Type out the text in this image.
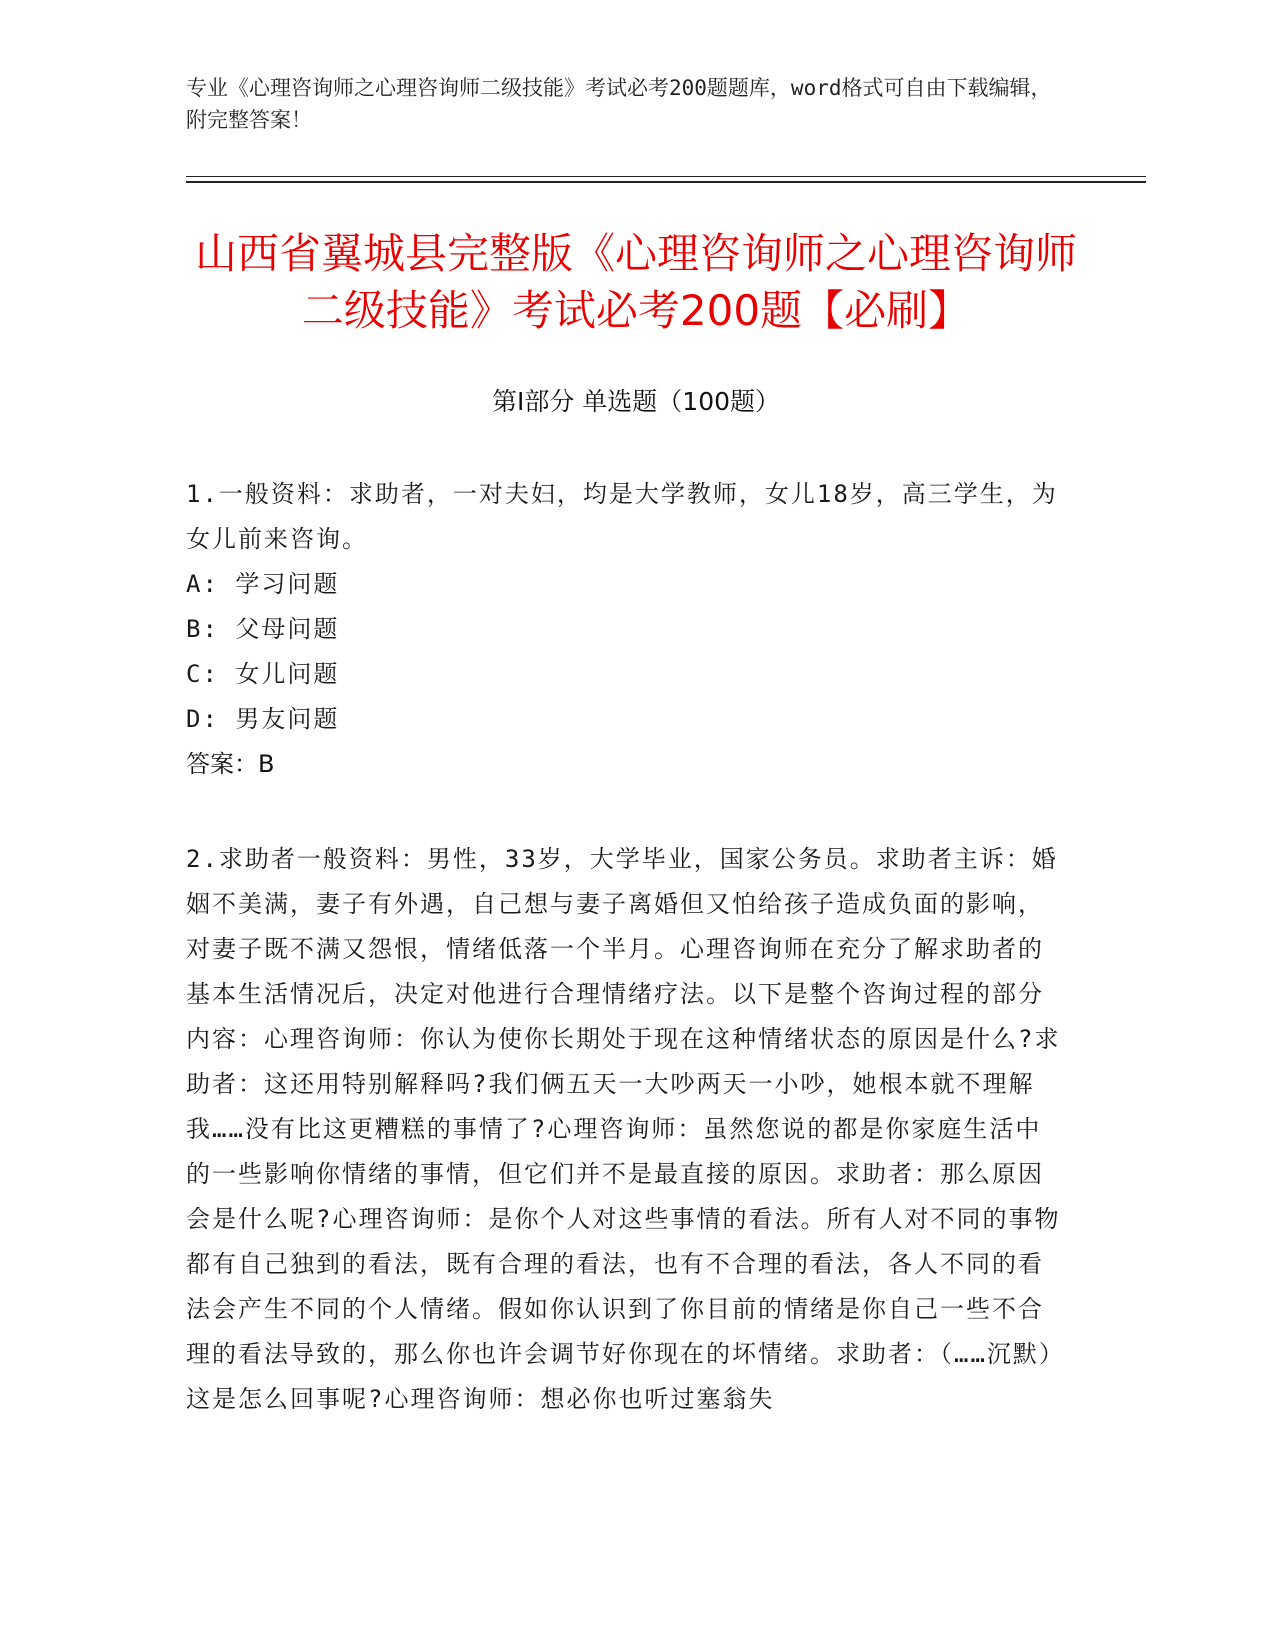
专业《心理咨询师之心理咨询师二级技能》考试必考200题题库，word格式可自由下载编辑，附完整答案！
山西省翼城县完整版《心理咨询师之心理咨询师二级技能》考试必考200题【必刷】
第Ⅰ部分 单选题（100题）

1.一般资料：求助者，一对夫妇，均是大学教师，女儿18岁，高三学生，为女儿前来咨询。

A: 学习问题

B: 父母问题

C: 女儿问题

D: 男友问题

答案：B

2.求助者一般资料：男性，33岁，大学毕业，国家公务员。求助者主诉：婚姻不美满，妻子有外遇，自己想与妻子离婚但又怕给孩子造成负面的影响，对妻子既不满又怨恨，情绪低落一个半月。心理咨询师在充分了解求助者的基本生活情况后，决定对他进行合理情绪疗法。以下是整个咨询过程的部分内容：心理咨询师：你认为使你长期处于现在这种情绪状态的原因是什么?求助者：这还用特别解释吗?我们俩五天一大吵两天一小吵，她根本就不理解我……没有比这更糟糕的事情了?心理咨询师：虽然您说的都是你家庭生活中的一些影响你情绪的事情，但它们并不是最直接的原因。求助者：那么原因会是什么呢?心理咨询师：是你个人对这些事情的看法。所有人对不同的事物都有自己独到的看法，既有合理的看法，也有不合理的看法，各人不同的看法会产生不同的个人情绪。假如你认识到了你目前的情绪是你自己一些不合理的看法导致的，那么你也许会调节好你现在的坏情绪。求助者：（……沉默）这是怎么回事呢?心理咨询师：想必你也听过塞翁失
